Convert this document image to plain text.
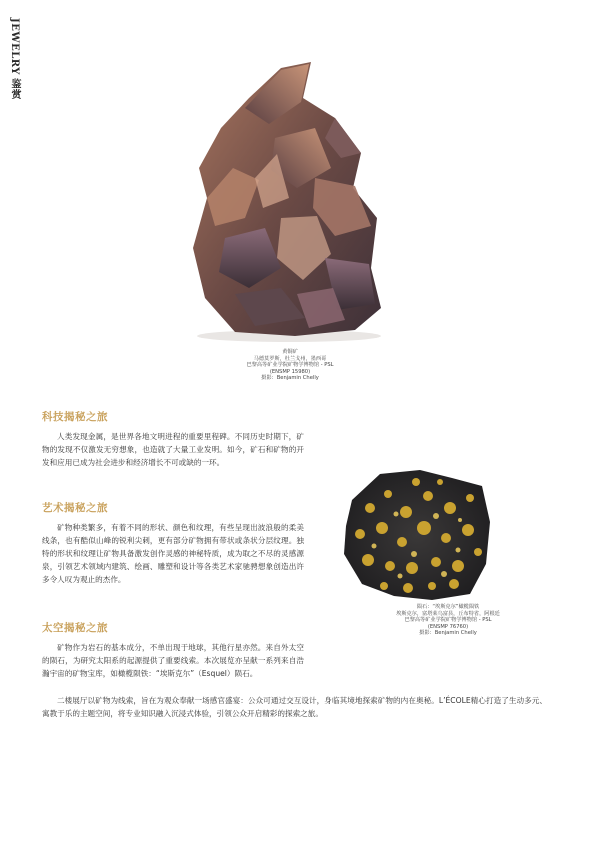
JEWELRY 鉴赏
黄铜矿
马德莫罗斯，杜兰戈州，墨西哥
巴黎高等矿业学院矿物学博物馆 - PSL
(ENSMP 15980)
摄影：Benjamin Chelly
科技揭秘之旅
人类发现金属，是世界各地文明进程的重要里程碑。不同历史时期下，矿物的发现不仅激发无穷想象，也造就了大量工业发明。如今，矿石和矿物的开发和应用已成为社会进步和经济增长不可或缺的一环。
艺术揭秘之旅
矿物种类繁多，有着不同的形状、颜色和纹理，有些呈现出波浪般的柔美线条，也有酷似山峰的锐利尖刺，更有部分矿物拥有带状或条状分层纹理。独特的形状和纹理让矿物具备激发创作灵感的神秘特质，成为取之不尽的灵感源泉，引领艺术领域内建筑、绘画、雕塑和设计等各类艺术家驰骋想象创造出许多令人叹为观止的杰作。
太空揭秘之旅
矿物作为岩石的基本成分，不单出现于地球，其他行星亦然。来自外太空的陨石，为研究太阳系的起源提供了重要线索。本次展览亦呈献一系列来自浩瀚宇宙的矿物宝库，如橄榄陨铁：“埃斯克尔”（Esquel）陨石。
二楼展厅以矿物为线索，旨在为观众奉献一场感官盛宴：公众可通过交互设计，身临其境地探索矿物的内在奥秘。L’ÉCOLE精心打造了生动多元、寓教于乐的主题空间，将专业知识融入沉浸式体验，引领公众开启精彩的探索之旅。
陨石：“埃斯克尔”橄榄陨铁
埃斯克尔，富塔莱乌富县，丘布特省，阿根廷
巴黎高等矿业学院矿物学博物馆 - PSL
(ENSMP 76760)
摄影：Benjamin Chelly
